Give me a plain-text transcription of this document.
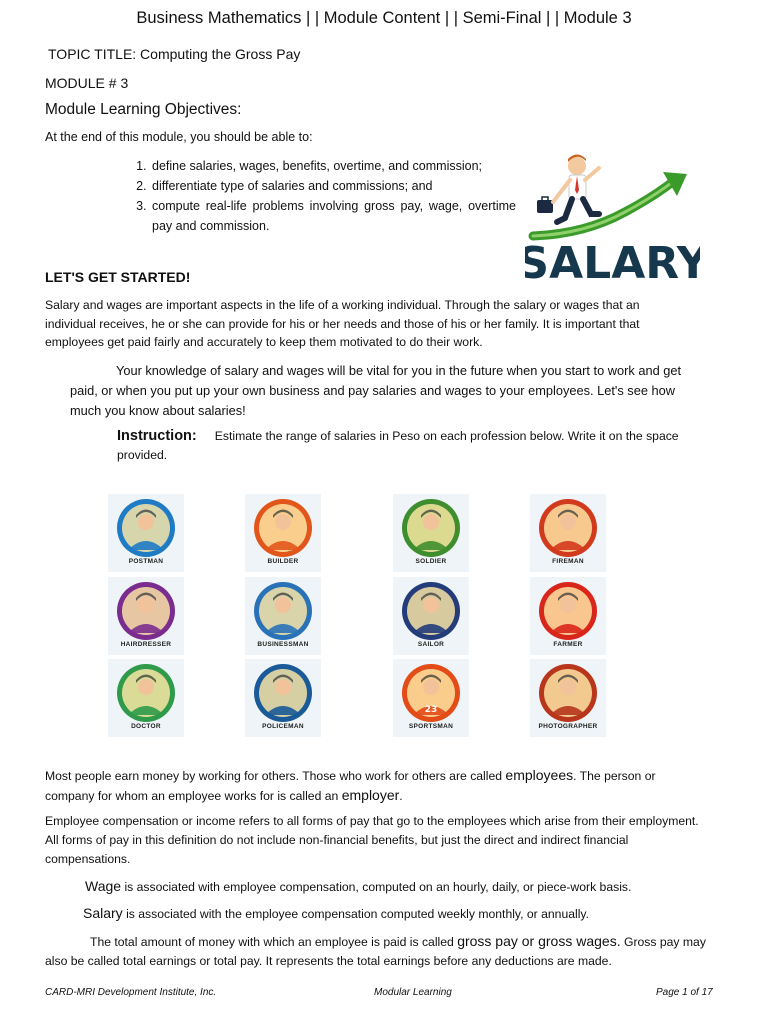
Business Mathematics | | Module Content | | Semi-Final | | Module 3
TOPIC TITLE: Computing the Gross Pay
MODULE # 3
Module Learning Objectives:
At the end of this module, you should be able to:
1. define salaries, wages, benefits, overtime, and commission;
2. differentiate type of salaries and commissions; and
3. compute real-life problems involving gross pay, wage, overtime pay and commission.
SALARY
LET'S GET STARTED!
Salary and wages are important aspects in the life of a working individual. Through the salary or wages that an individual receives, he or she can provide for his or her needs and those of his or her family. It is important that employees get paid fairly and accurately to keep them motivated to do their work.
Your knowledge of salary and wages will be vital for you in the future when you start to work and get paid, or when you put up your own business and pay salaries and wages to your employees. Let's see how much you know about salaries!
Instruction: Estimate the range of salaries in Peso on each profession below. Write it on the space provided.
POSTMAN	BUILDER	SOLDIER	FIREMAN
HAIRDRESSER	BUSINESSMAN	SAILOR	FARMER
DOCTOR	POLICEMAN
23
SPORTSMAN	PHOTOGRAPHER
Most people earn money by working for others. Those who work for others are called employees. The person or company for whom an employee works for is called an employer.
Employee compensation or income refers to all forms of pay that go to the employees which arise from their employment. All forms of pay in this definition do not include non-financial benefits, but just the direct and indirect financial compensations.
Wage is associated with employee compensation, computed on an hourly, daily, or piece-work basis.
Salary is associated with the employee compensation computed weekly monthly, or annually.
The total amount of money with which an employee is paid is called gross pay or gross wages. Gross pay may also be called total earnings or total pay. It represents the total earnings before any deductions are made.
CARD-MRI Development Institute, Inc.	Modular Learning	Page 1 of 17
